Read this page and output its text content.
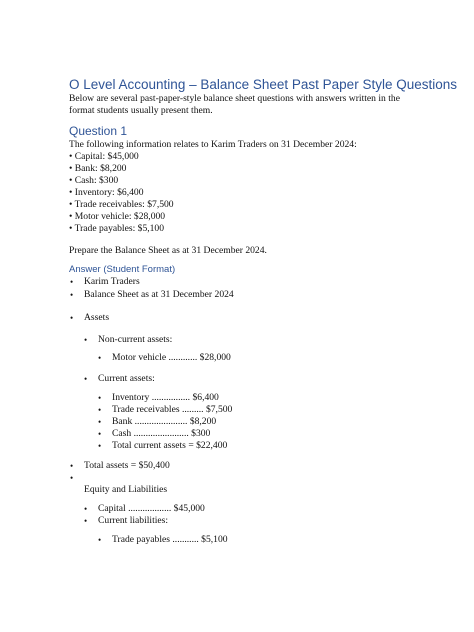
O Level Accounting – Balance Sheet Past Paper Style Questions
Below are several past-paper-style balance sheet questions with answers written in the
format students usually present them.
Question 1
The following information relates to Karim Traders on 31 December 2024:
• Capital: $45,000
• Bank: $8,200
• Cash: $300
• Inventory: $6,400
• Trade receivables: $7,500
• Motor vehicle: $28,000
• Trade payables: $5,100
Prepare the Balance Sheet as at 31 December 2024.
Answer (Student Format)
• Karim Traders
• Balance Sheet as at 31 December 2024
• Assets
• Non-current assets:
• Motor vehicle ............ $28,000
• Current assets:
• Inventory ................ $6,400
• Trade receivables ......... $7,500
• Bank ...................... $8,200
• Cash ....................... $300
• Total current assets = $22,400
• Total assets = $50,400
•
Equity and Liabilities
• Capital .................. $45,000
• Current liabilities:
• Trade payables ........... $5,100
